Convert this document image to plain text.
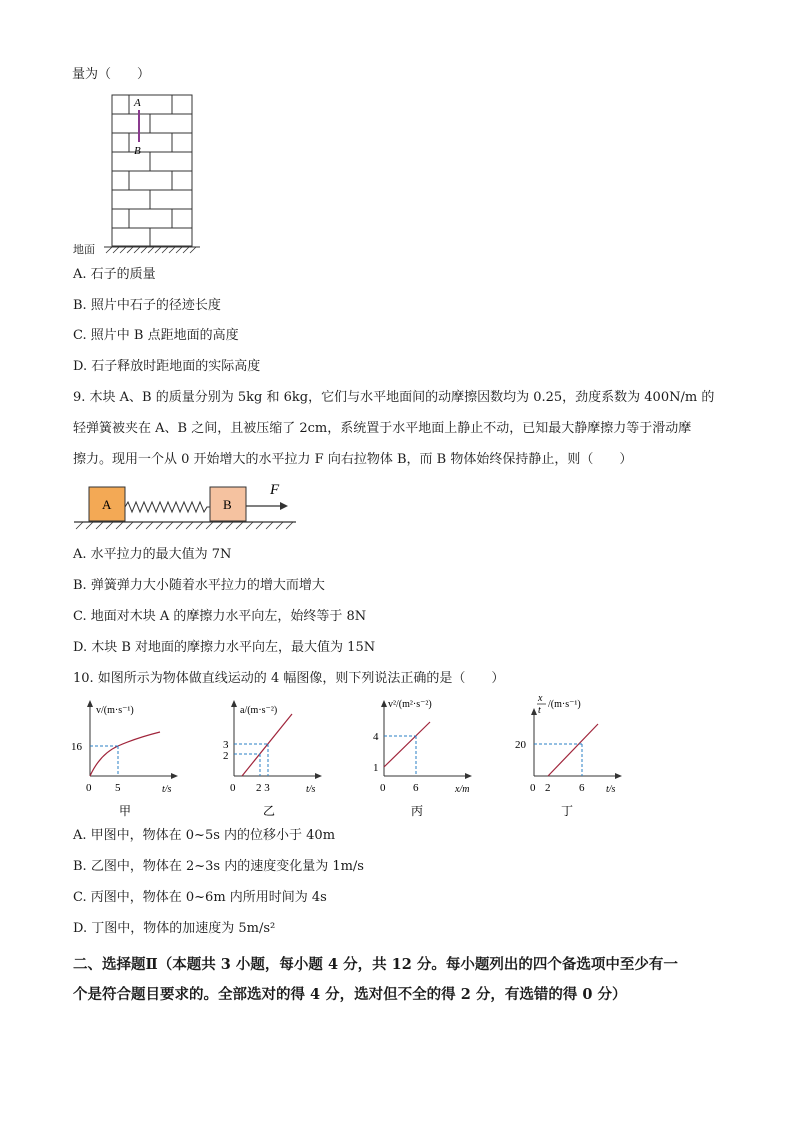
量为（　　）
A
B
地面
A. 石子的质量
B. 照片中石子的径迹长度
C. 照片中 B 点距地面的高度
D. 石子释放时距地面的实际高度
9. 木块 A、B 的质量分别为 5kg 和 6kg，它们与水平地面间的动摩擦因数均为 0.25，劲度系数为 400N/m 的
轻弹簧被夹在 A、B 之间，且被压缩了 2cm，系统置于水平地面上静止不动，已知最大静摩擦力等于滑动摩
擦力。现用一个从 0 开始增大的水平拉力 F 向右拉物体 B，而 B 物体始终保持静止，则（　　）
A	B
F
A. 水平拉力的最大值为 7N
B. 弹簧弹力大小随着水平拉力的增大而增大
C. 地面对木块 A 的摩擦力水平向左，始终等于 8N
D. 木块 B 对地面的摩擦力水平向左，最大值为 15N
10. 如图所示为物体做直线运动的 4 幅图像，则下列说法正确的是（　　）
v/(m·s⁻¹)
16
0 5	t/s
甲
a/(m·s⁻²)
3
2
0 2 3	t/s
乙
v²/(m²·s⁻²)
4
1
0	6	x/m
丙
x
t
/(m·s⁻¹)
20
0 2	6 t/s
丁
A. 甲图中，物体在 0~5s 内的位移小于 40m
B. 乙图中，物体在 2~3s 内的速度变化量为 1m/s
C. 丙图中，物体在 0~6m 内所用时间为 4s
D. 丁图中，物体的加速度为 5m/s²
二、选择题Ⅱ（本题共 3 小题，每小题 4 分，共 12 分。每小题列出的四个备选项中至少有一
个是符合题目要求的。全部选对的得 4 分，选对但不全的得 2 分，有选错的得 0 分）
